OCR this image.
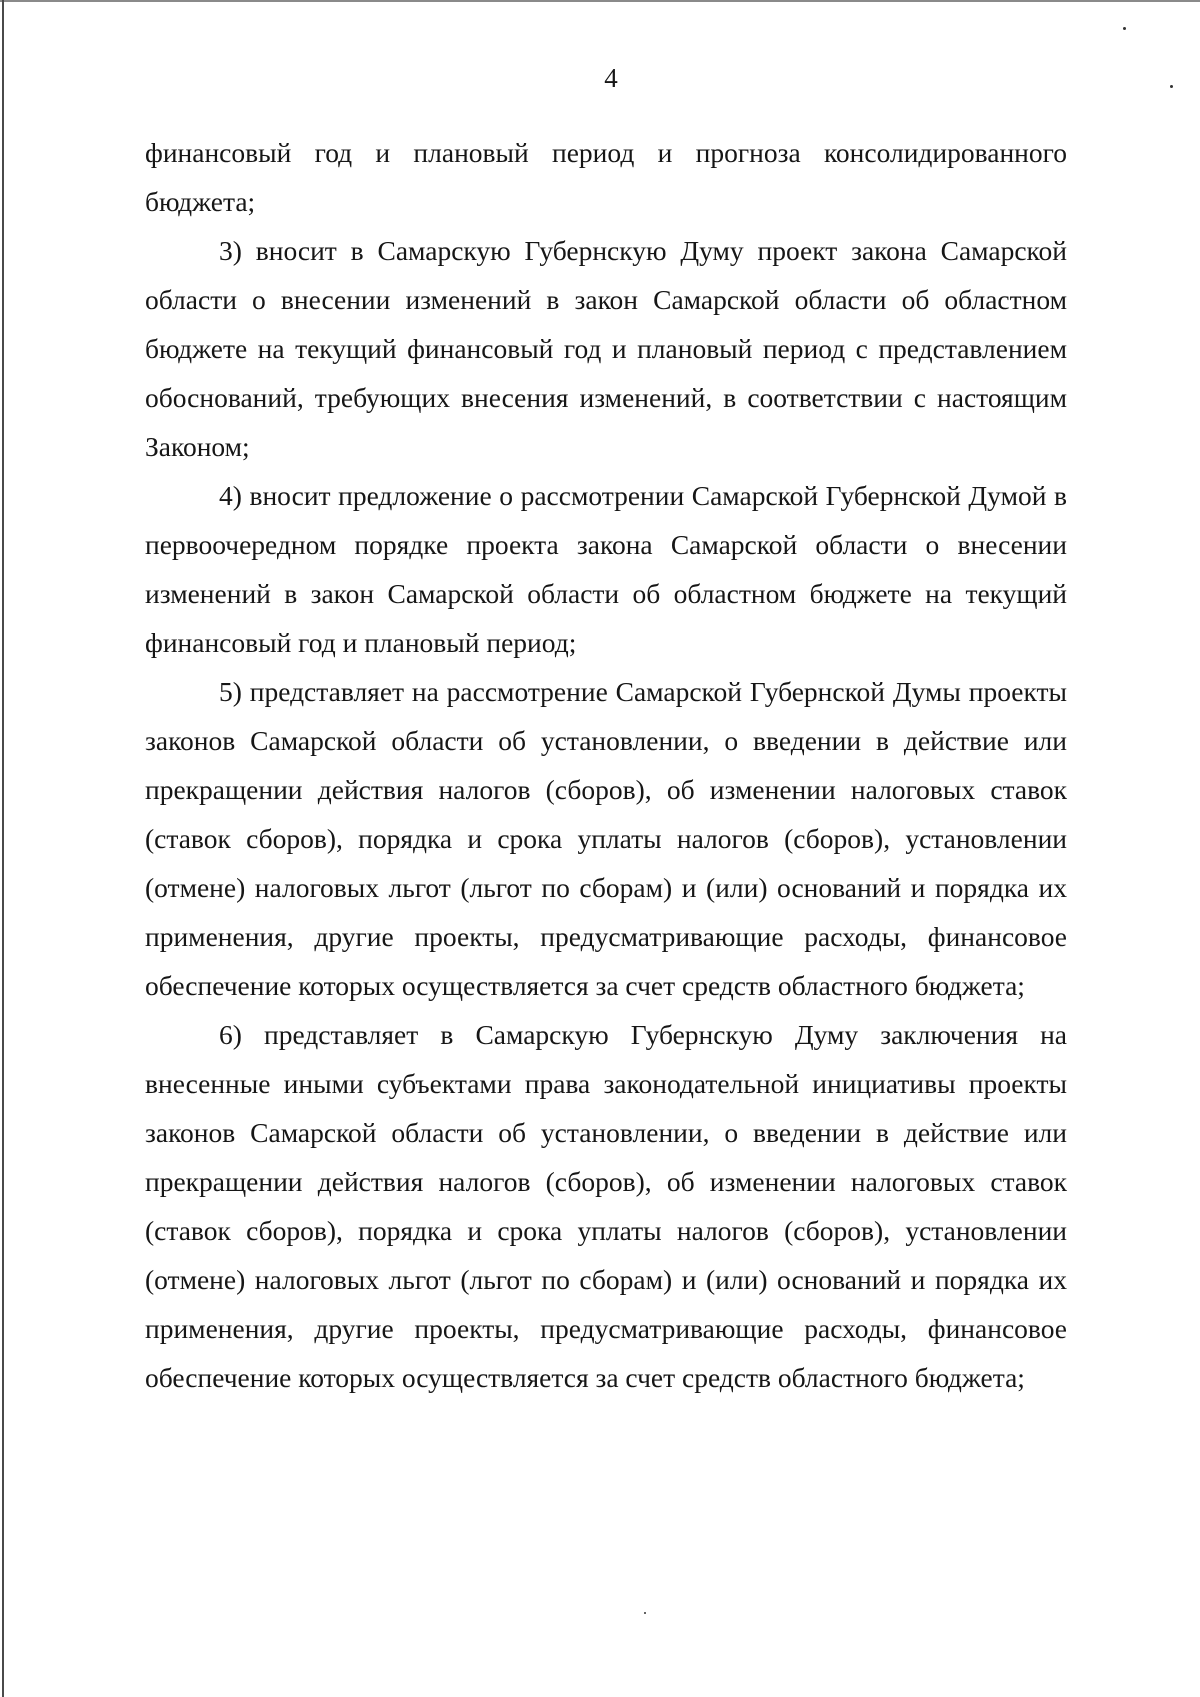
4

финансовый год и плановый период и прогноза консолидированного бюджета;

3) вносит в Самарскую Губернскую Думу проект закона Самарской области о внесении изменений в закон Самарской области об областном бюджете на текущий финансовый год и плановый период с представлением обоснований, требующих внесения изменений, в соответствии с настоящим Законом;

4) вносит предложение о рассмотрении Самарской Губернской Думой в первоочередном порядке проекта закона Самарской области о внесении изменений в закон Самарской области об областном бюджете на текущий финансовый год и плановый период;

5) представляет на рассмотрение Самарской Губернской Думы проекты законов Самарской области об установлении, о введении в действие или прекращении действия налогов (сборов), об изменении налоговых ставок (ставок сборов), порядка и срока уплаты налогов (сборов), установлении (отмене) налоговых льгот (льгот по сборам) и (или) оснований и порядка их применения, другие проекты, предусматривающие расходы, финансовое обеспечение которых осуществляется за счет средств областного бюджета;

6) представляет в Самарскую Губернскую Думу заключения на внесенные иными субъектами права законодательной инициативы проекты законов Самарской области об установлении, о введении в действие или прекращении действия налогов (сборов), об изменении налоговых ставок (ставок сборов), порядка и срока уплаты налогов (сборов), установлении (отмене) налоговых льгот (льгот по сборам) и (или) оснований и порядка их применения, другие проекты, предусматривающие расходы, финансовое обеспечение которых осуществляется за счет средств областного бюджета;
